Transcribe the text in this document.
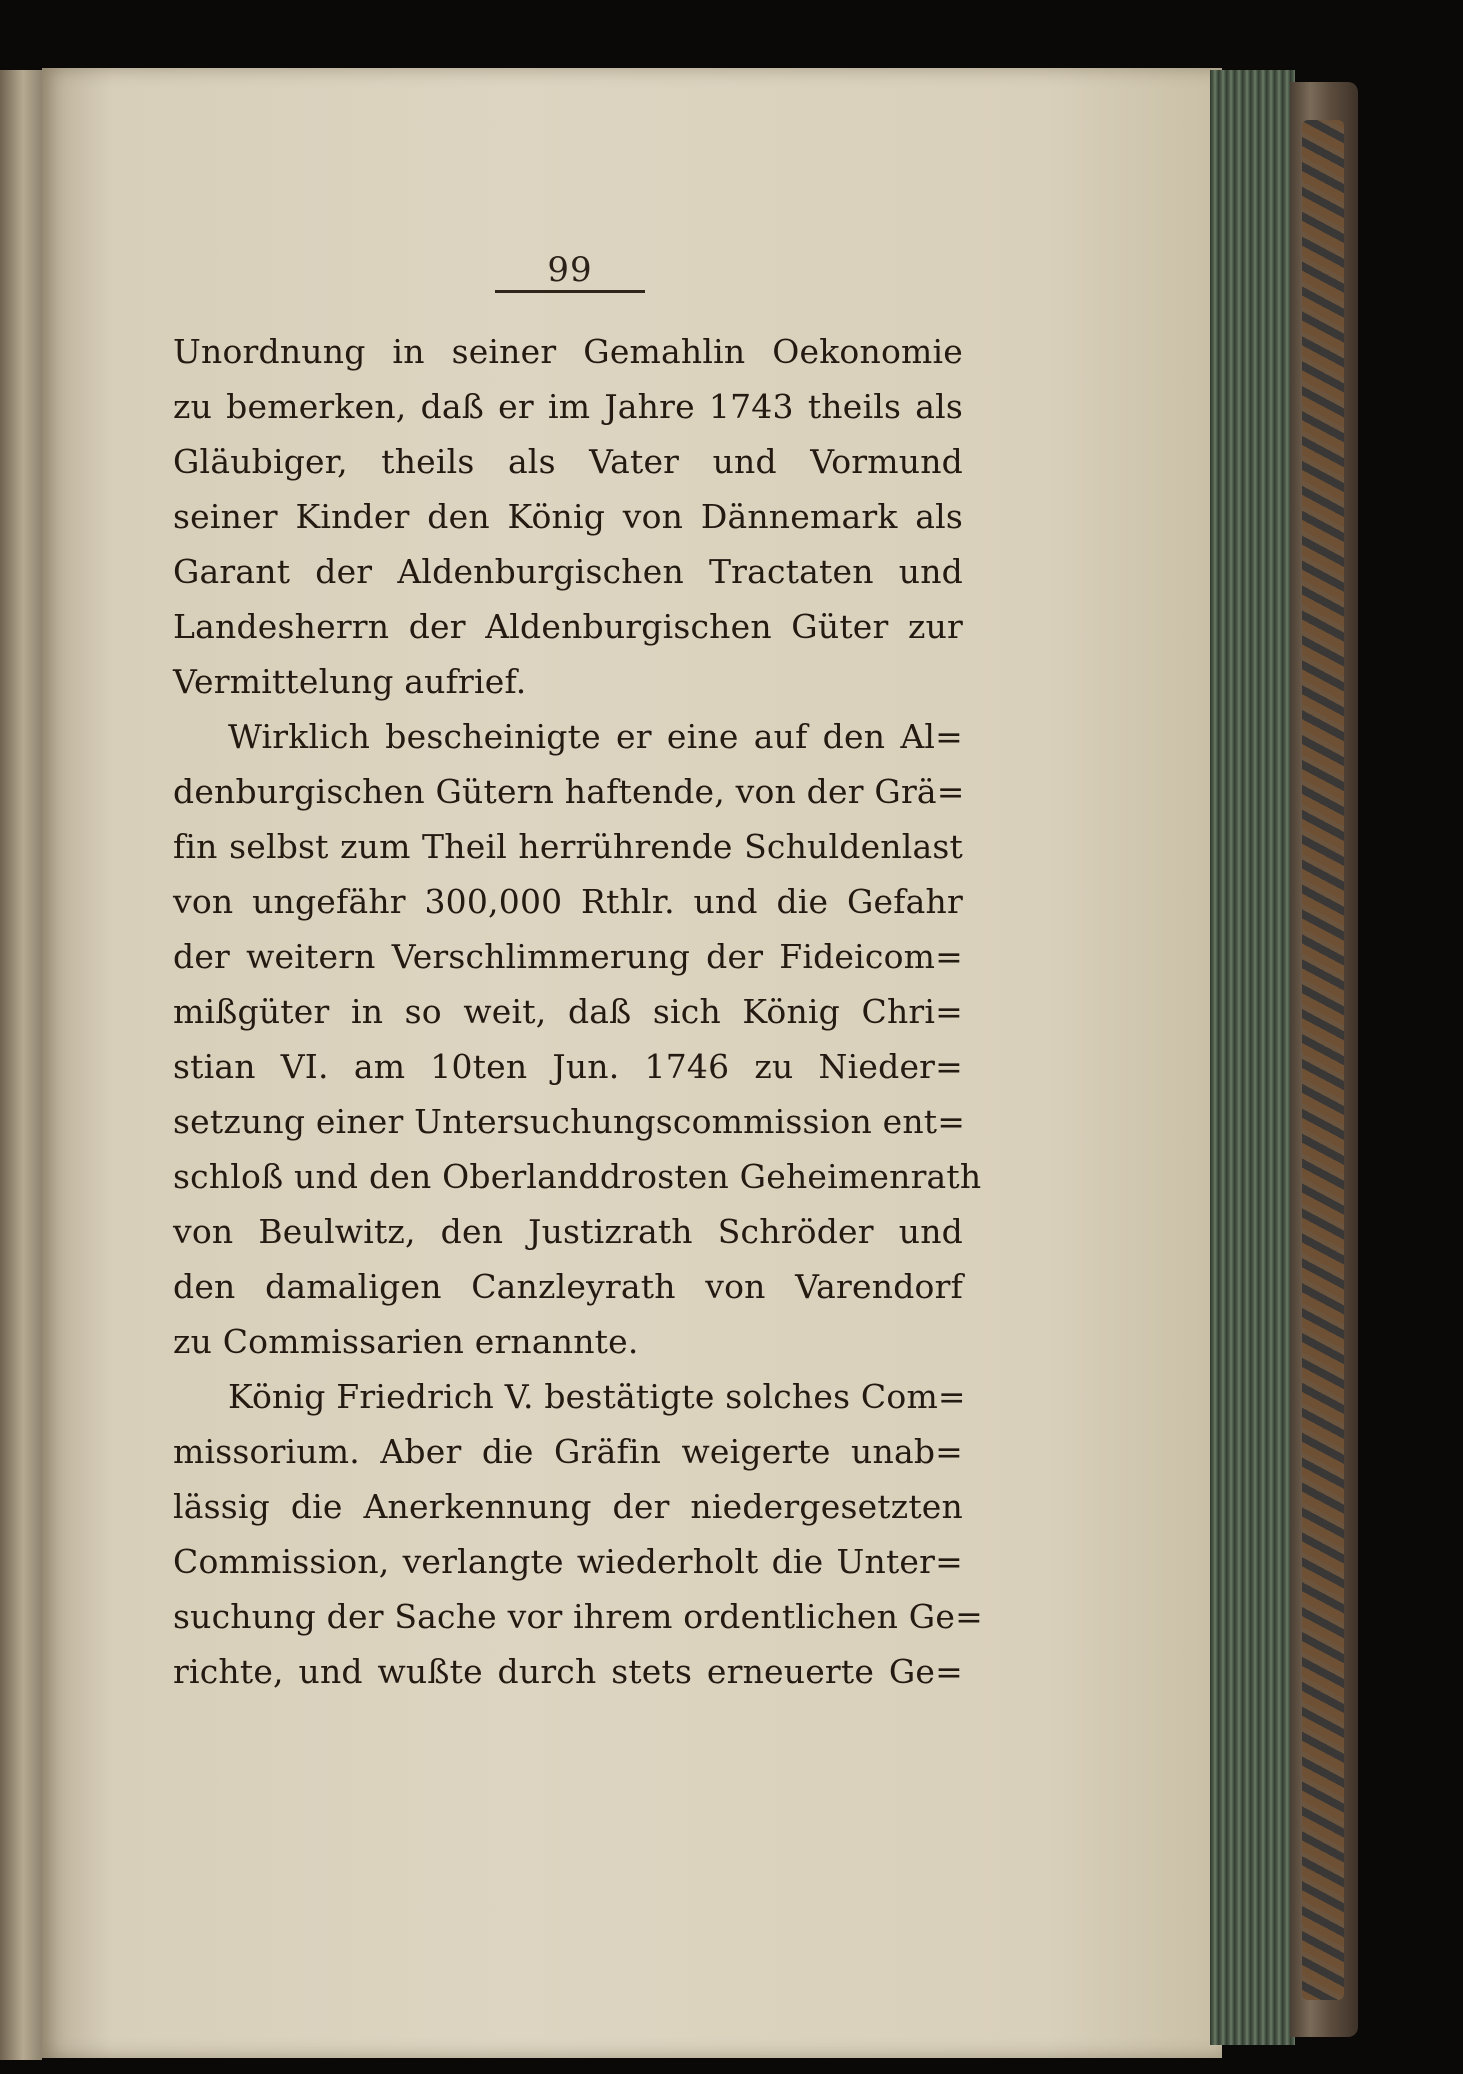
99
Unordnung in seiner Gemahlin Oekonomie
zu bemerken, daß er im Jahre 1743 theils als
Gläubiger, theils als Vater und Vormund
seiner Kinder den König von Dännemark als
Garant der Aldenburgischen Tractaten und
Landesherrn der Aldenburgischen Güter zur
Vermittelung aufrief.
Wirklich bescheinigte er eine auf den Al=
denburgischen Gütern haftende, von der Grä=
fin selbst zum Theil herrührende Schuldenlast
von ungefähr 300,000 Rthlr. und die Gefahr
der weitern Verschlimmerung der Fideicom=
mißgüter in so weit, daß sich König Chri=
stian VI. am 10ten Jun. 1746 zu Nieder=
setzung einer Untersuchungscommission ent=
schloß und den Oberlanddrosten Geheimenrath
von Beulwitz, den Justizrath Schröder und
den damaligen Canzleyrath von Varendorf
zu Commissarien ernannte.
König Friedrich V. bestätigte solches Com=
missorium. Aber die Gräfin weigerte unab=
lässig die Anerkennung der niedergesetzten
Commission, verlangte wiederholt die Unter=
suchung der Sache vor ihrem ordentlichen Ge=
richte, und wußte durch stets erneuerte Ge=
